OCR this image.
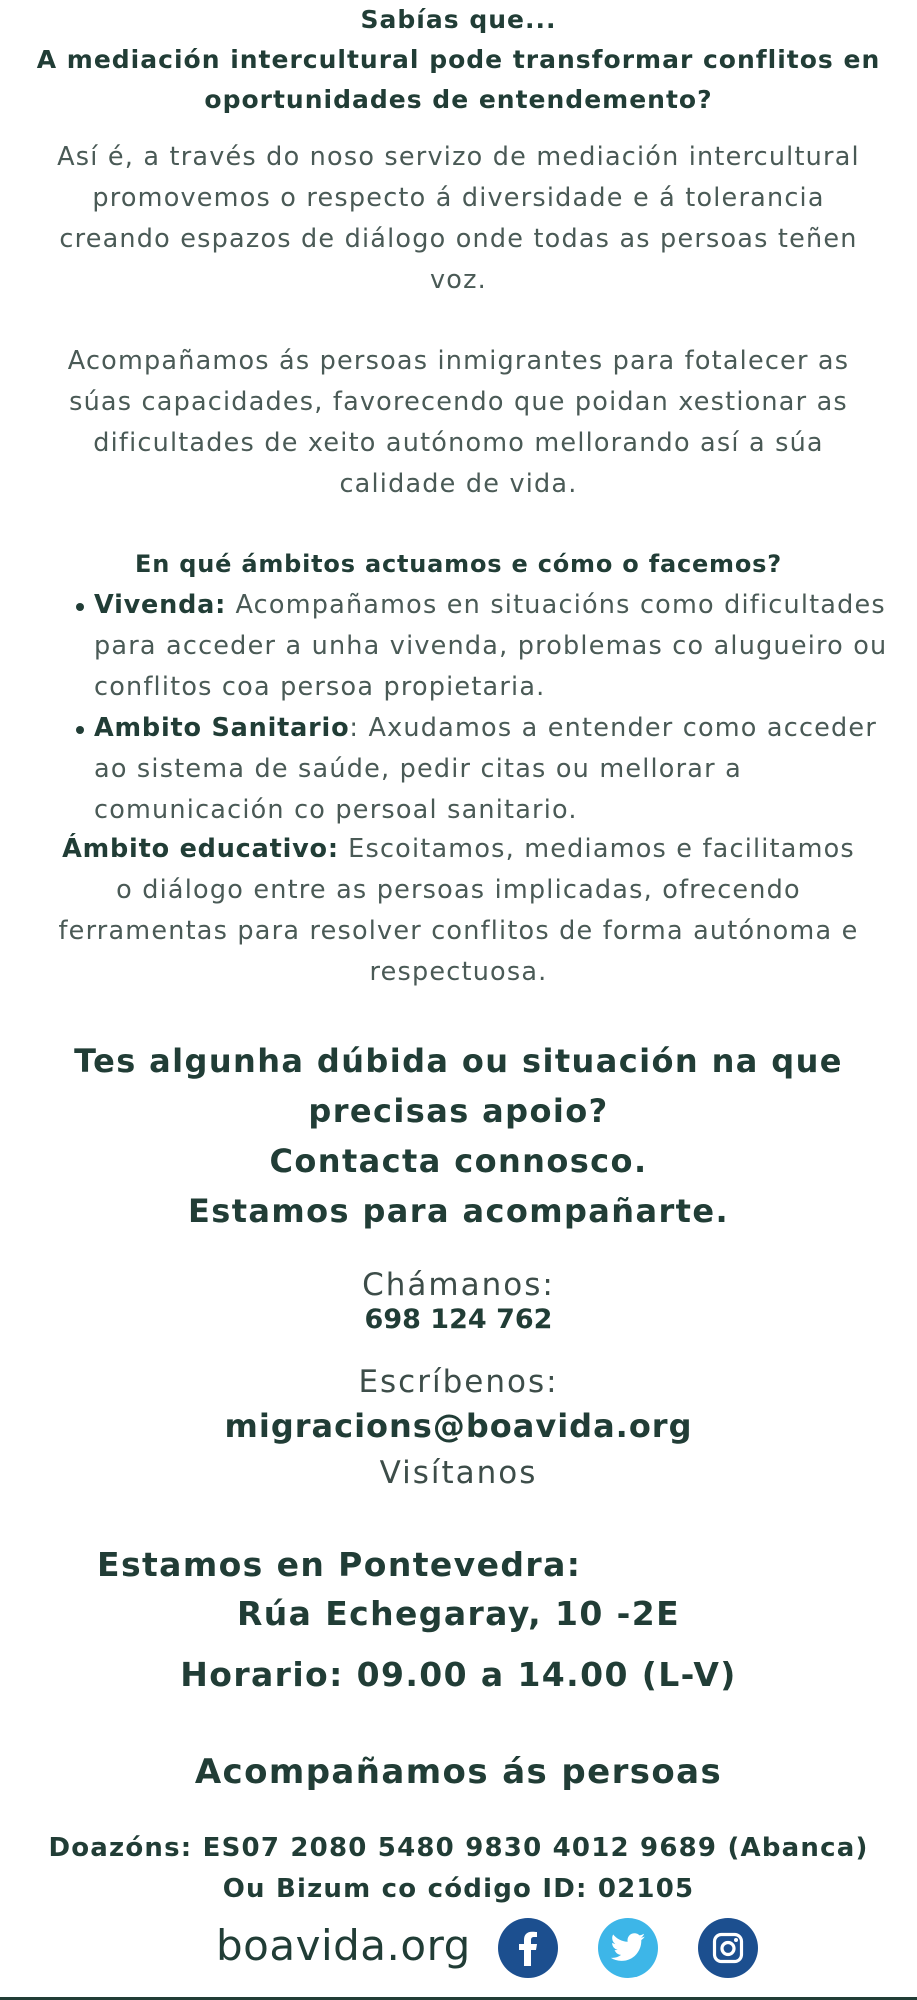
Sabías que...
A mediación intercultural pode transformar conflitos en
oportunidades de entendemento?
Así é, a través do noso servizo de mediación intercultural promovemos o respecto á diversidade e á tolerancia creando espazos de diálogo onde todas as persoas teñen voz.
Acompañamos ás persoas inmigrantes para fotalecer as súas capacidades, favorecendo que poidan xestionar as dificultades de xeito autónomo mellorando así a súa calidade de vida.
En qué ámbitos actuamos e cómo o facemos?
Vivenda: Acompañamos en situacións como dificultades para acceder a unha vivenda, problemas co alugueiro ou conflitos coa persoa propietaria.
Ambito Sanitario: Axudamos a entender como acceder ao sistema de saúde, pedir citas ou mellorar a comunicación co persoal sanitario.
Ámbito educativo: Escoitamos, mediamos e facilitamos o diálogo entre as persoas implicadas, ofrecendo ferramentas para resolver conflitos de forma autónoma e respectuosa.
Tes algunha dúbida ou situación na que
precisas apoio?
Contacta connosco.
Estamos para acompañarte.
Chámanos:
698 124 762
Escríbenos:
migracions@boavida.org
Visítanos
Estamos en Pontevedra:
Rúa Echegaray, 10 -2E
Horario: 09.00 a 14.00 (L-V)
Acompañamos ás persoas
Doazóns: ES07 2080 5480 9830 4012 9689 (Abanca)
Ou Bizum co código ID: 02105
boavida.org
